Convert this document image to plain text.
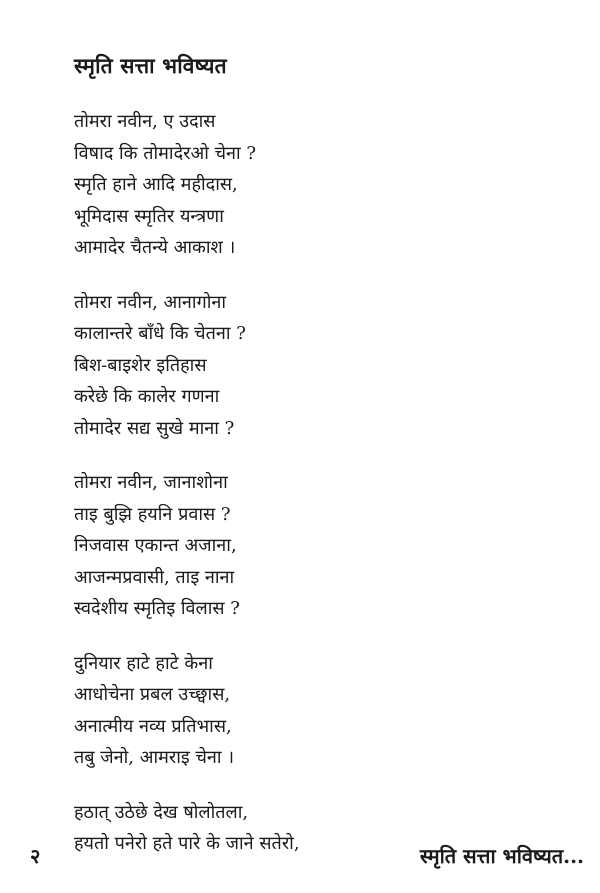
स्मृति सत्ता भविष्यत
तोमरा नवीन, ए उदास
विषाद कि तोमादेरओ चेना ?
स्मृति हाने आदि महीदास,
भूमिदास स्मृतिर यन्त्रणा
आमादेर चैतन्ये आकाश ।
तोमरा नवीन, आनागोना
कालान्तरे बाँधे कि चेतना ?
बिश-बाइशेर इतिहास
करेछे कि कालेर गणना
तोमादेर सद्य सुखे माना ?
तोमरा नवीन, जानाशोना
ताइ बुझि हयनि प्रवास ?
निजवास एकान्त अजाना,
आजन्मप्रवासी, ताइ नाना
स्वदेशीय स्मृतिइ विलास ?
दुनियार हाटे हाटे केना
आधोचेना प्रबल उच्छ्वास,
अनात्मीय नव्य प्रतिभास,
तबु जेनो, आमराइ चेना ।
हठात् उठेछे देख षोलोतला,
हयतो पनेरो हते पारे के जाने सतेरो,
२	स्मृति सत्ता भविष्यत...
